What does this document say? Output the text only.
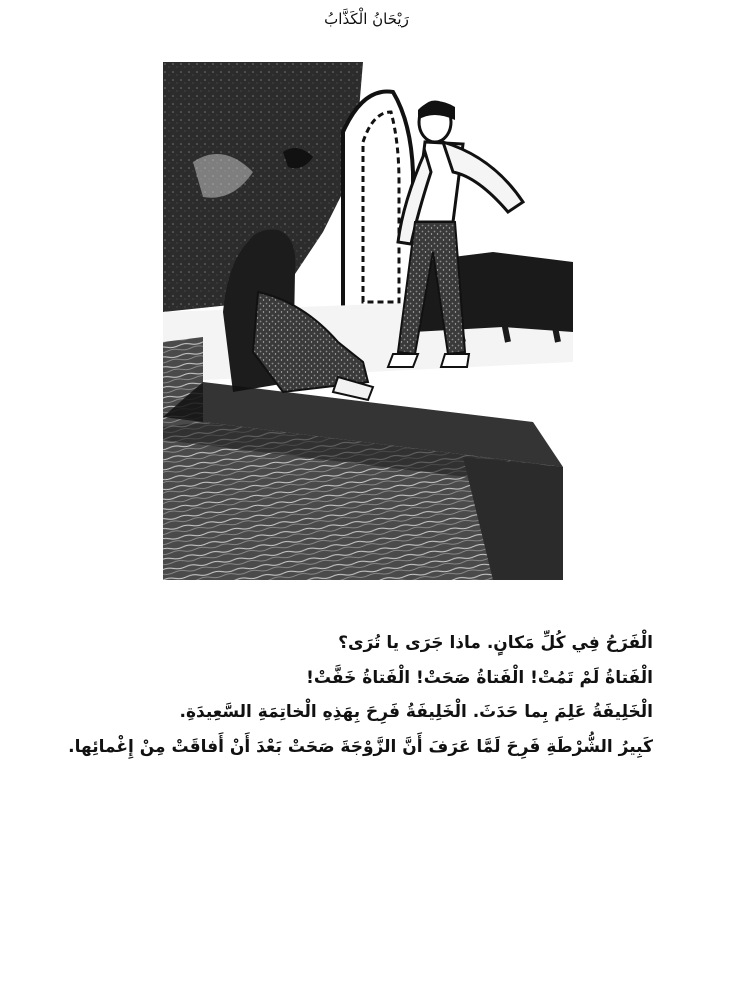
رَيْحَانُ الْكَذَّابُ

الْفَرَحُ فِي كُلِّ مَكانٍ. ماذا جَرَى يا تُرَى؟

الْفَتاةُ لَمْ تَمُتْ! الْفَتاةُ صَحَتْ! الْفَتاةُ خَفَّتْ!

الْخَلِيفَةُ عَلِمَ بِما حَدَثَ. الْخَلِيفَةُ فَرِحَ بِهَذِهِ الْخاتِمَةِ السَّعِيدَةِ.

كَبِيرُ الشُّرْطَةِ فَرِحَ لَمَّا عَرَفَ أَنَّ الزَّوْجَةَ صَحَتْ بَعْدَ أَنْ أَفاقَتْ مِنْ إِغْمائِها.
